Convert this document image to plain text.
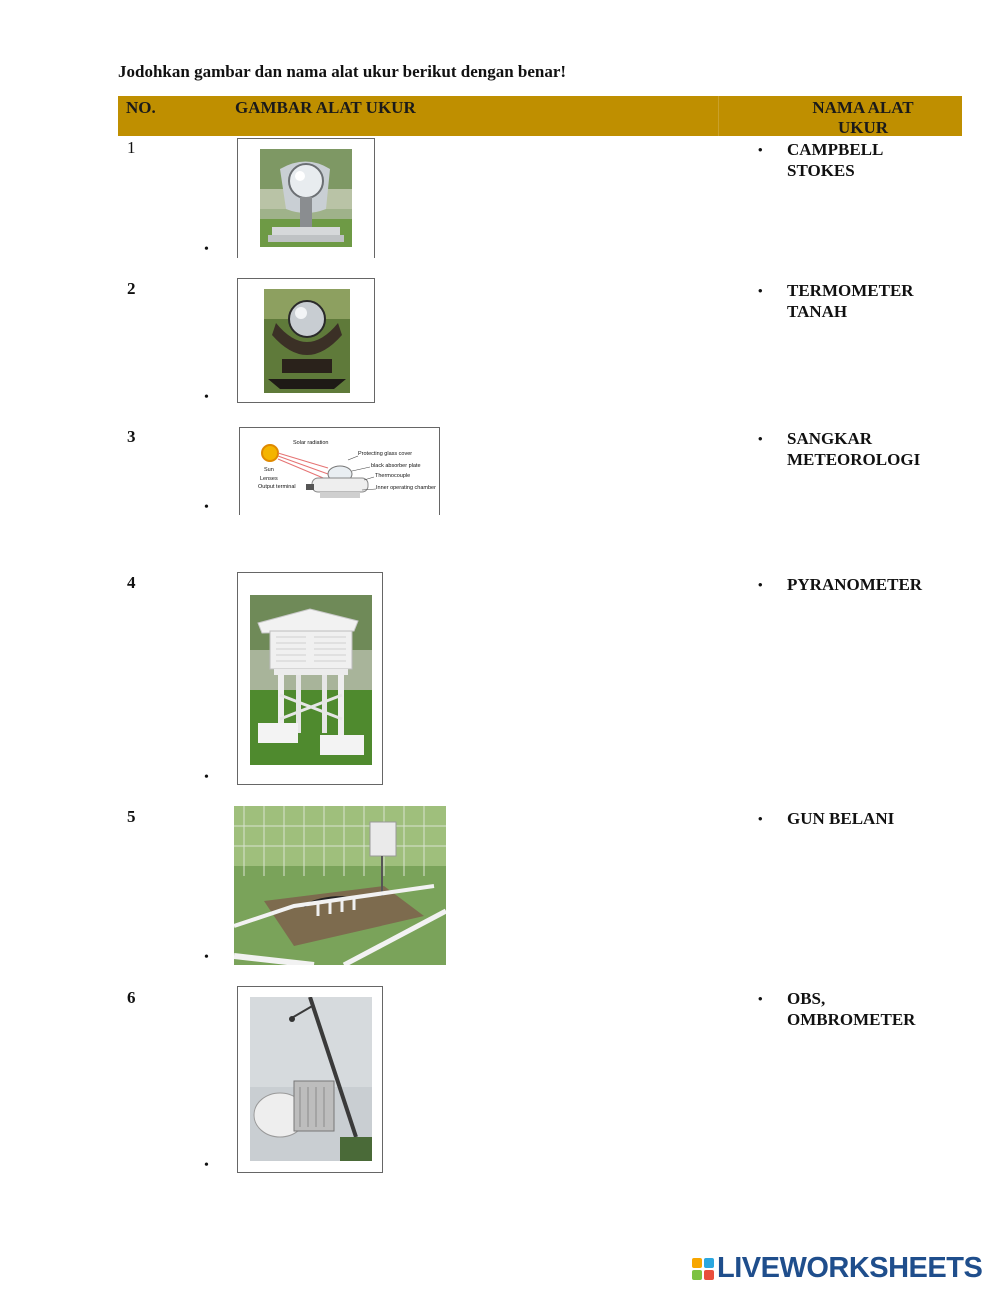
Jodohkan gambar dan nama alat ukur berikut dengan benar!
NO.	GAMBAR ALAT UKUR	NAMA ALAT
UKUR
1
2
3
4
5
6
•
•
•
•
•
•
Solar radiation
Sun
Lenses
Output terminal
Protecting glass cover
black absorber plate
Thermocouple
Inner operating chamber
• CAMPBELL
STOKES
• TERMOMETER
TANAH
• SANGKAR
METEOROLOGI
• PYRANOMETER
• GUN BELANI
• OBS,
OMBROMETER
LIVEWORKSHEETS
